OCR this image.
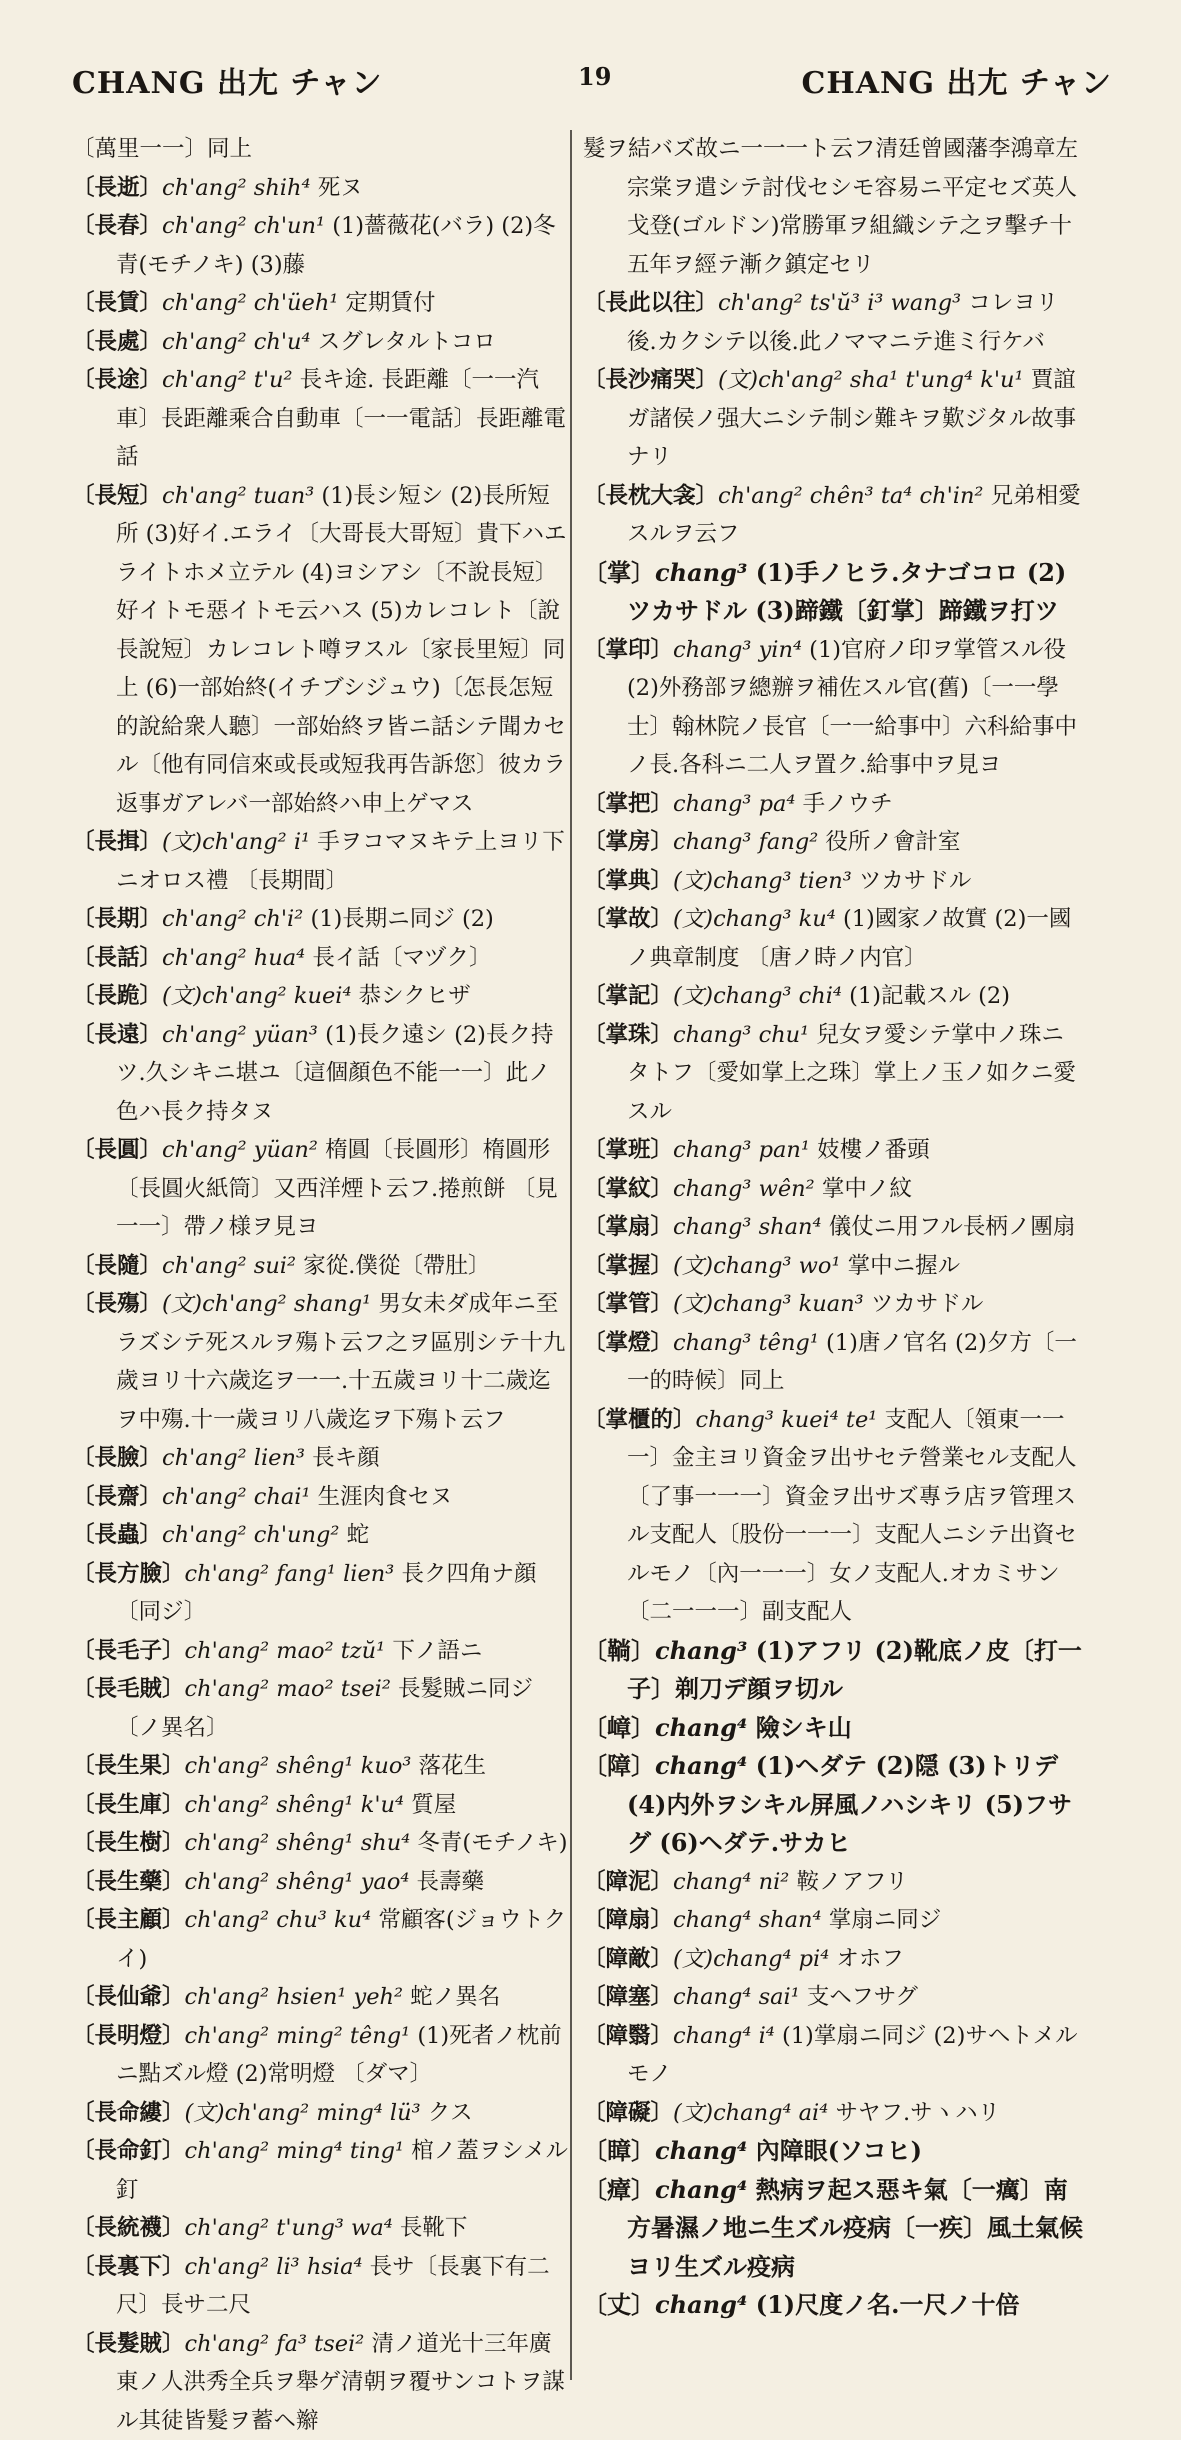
CHANG 出尢 チャン	19	CHANG 出尢 チャン
〔萬里一一〕同上
〔長逝〕ch'ang² shih⁴ 死ヌ
〔長春〕ch'ang² ch'un¹ (1)薔薇花(バラ) (2)冬青(モチノキ) (3)藤
〔長賃〕ch'ang² ch'üeh¹ 定期賃付
〔長處〕ch'ang² ch'u⁴ スグレタルトコロ
〔長途〕ch'ang² t'u² 長キ途. 長距離〔一一汽車〕長距離乘合自動車〔一一電話〕長距離電話
〔長短〕ch'ang² tuan³ (1)長シ短シ (2)長所短所 (3)好イ.エライ〔大哥長大哥短〕貴下ハエライトホメ立テル (4)ヨシアシ〔不說長短〕好イトモ惡イトモ云ハス (5)カレコレト〔說長說短〕カレコレト噂ヲスル〔家長里短〕同上 (6)一部始終(イチブシジュウ)〔怎長怎短的說給衆人聽〕一部始終ヲ皆ニ話シテ聞カセル〔他有同信來或長或短我再告訴您〕彼カラ返事ガアレバ一部始終ハ申上ゲマス
〔長揖〕(文)ch'ang² i¹ 手ヲコマヌキテ上ヨリ下ニオロス禮 〔長期間〕
〔長期〕ch'ang² ch'i² (1)長期ニ同ジ (2)
〔長話〕ch'ang² hua⁴ 長イ話〔マヅク〕
〔長跪〕(文)ch'ang² kuei⁴ 恭シクヒザ
〔長遠〕ch'ang² yüan³ (1)長ク遠シ (2)長ク持ツ.久シキニ堪ユ〔這個顏色不能一一〕此ノ色ハ長ク持タヌ
〔長圓〕ch'ang² yüan² 楕圓〔長圓形〕楕圓形〔長圓火紙筒〕又西洋煙ト云フ.捲煎餅 〔見一一〕帶ノ様ヲ見ヨ
〔長隨〕ch'ang² sui² 家從.僕從〔帶肚〕
〔長殤〕(文)ch'ang² shang¹ 男女未ダ成年ニ至ラズシテ死スルヲ殤ト云フ之ヲ區別シテ十九歲ヨリ十六歲迄ヲ一一.十五歲ヨリ十二歲迄ヲ中殤.十一歲ヨリ八歲迄ヲ下殤ト云フ
〔長臉〕ch'ang² lien³ 長キ顔
〔長齋〕ch'ang² chai¹ 生涯肉食セヌ
〔長蟲〕ch'ang² ch'ung² 蛇
〔長方臉〕ch'ang² fang¹ lien³ 長ク四角ナ顔 〔同ジ〕
〔長毛子〕ch'ang² mao² tzŭ¹ 下ノ語ニ
〔長毛賊〕ch'ang² mao² tsei² 長髮賊ニ同ジ 〔ノ異名〕
〔長生果〕ch'ang² shêng¹ kuo³ 落花生
〔長生庫〕ch'ang² shêng¹ k'u⁴ 質屋
〔長生樹〕ch'ang² shêng¹ shu⁴ 冬青(モチノキ)
〔長生藥〕ch'ang² shêng¹ yao⁴ 長壽藥
〔長主顧〕ch'ang² chu³ ku⁴ 常顧客(ジョウトクイ)
〔長仙爺〕ch'ang² hsien¹ yeh² 蛇ノ異名
〔長明燈〕ch'ang² ming² têng¹ (1)死者ノ枕前ニ點ズル燈 (2)常明燈 〔ダマ〕
〔長命縷〕(文)ch'ang² ming⁴ lü³ クス
〔長命釘〕ch'ang² ming⁴ ting¹ 棺ノ蓋ヲシメル釘
〔長統襪〕ch'ang² t'ung³ wa⁴ 長靴下
〔長裏下〕ch'ang² li³ hsia⁴ 長サ〔長裏下有二尺〕長サ二尺
〔長髮賊〕ch'ang² fa³ tsei² 清ノ道光十三年廣東ノ人洪秀全兵ヲ舉ゲ清朝ヲ覆サンコトヲ謀ル其徒皆髮ヲ蓄ヘ辮
髮ヲ結バズ故ニ一一一ト云フ清廷曾國藩李鴻章左宗棠ヲ遣シテ討伐セシモ容易ニ平定セズ英人戈登(ゴルドン)常勝軍ヲ組織シテ之ヲ擊チ十五年ヲ經テ漸ク鎮定セリ
〔長此以往〕ch'ang² ts'ŭ³ i³ wang³ コレヨリ後.カクシテ以後.此ノママニテ進ミ行ケバ
〔長沙痛哭〕(文)ch'ang² sha¹ t'ung⁴ k'u¹ 賈誼ガ諸侯ノ强大ニシテ制シ難キヲ歎ジタル故事ナリ
〔長枕大衾〕ch'ang² chên³ ta⁴ ch'in² 兄弟相愛スルヲ云フ
〔掌〕chang³ (1)手ノヒラ.タナゴコロ (2)ツカサドル (3)蹄鐵〔釘掌〕蹄鐵ヲ打ツ
〔掌印〕chang³ yin⁴ (1)官府ノ印ヲ掌管スル役 (2)外務部ヲ總辦ヲ補佐スル官(舊)〔一一學士〕翰林院ノ長官〔一一給事中〕六科給事中ノ長.各科ニ二人ヲ置ク.給事中ヲ見ヨ
〔掌把〕chang³ pa⁴ 手ノウチ
〔掌房〕chang³ fang² 役所ノ會計室
〔掌典〕(文)chang³ tien³ ツカサドル
〔掌故〕(文)chang³ ku⁴ (1)國家ノ故實 (2)一國ノ典章制度 〔唐ノ時ノ内官〕
〔掌記〕(文)chang³ chi⁴ (1)記載スル (2)
〔掌珠〕chang³ chu¹ 兒女ヲ愛シテ掌中ノ珠ニタトフ〔愛如掌上之珠〕掌上ノ玉ノ如クニ愛スル
〔掌班〕chang³ pan¹ 妓樓ノ番頭
〔掌紋〕chang³ wên² 掌中ノ紋
〔掌扇〕chang³ shan⁴ 儀仗ニ用フル長柄ノ團扇
〔掌握〕(文)chang³ wo¹ 掌中ニ握ル
〔掌管〕(文)chang³ kuan³ ツカサドル
〔掌燈〕chang³ têng¹ (1)唐ノ官名 (2)夕方〔一一的時候〕同上
〔掌櫃的〕chang³ kuei⁴ te¹ 支配人〔領東一一一〕金主ヨリ資金ヲ出サセテ營業セル支配人〔了事一一一〕資金ヲ出サズ專ラ店ヲ管理スル支配人〔股份一一一〕支配人ニシテ出資セルモノ〔內一一一〕女ノ支配人.オカミサン〔二一一一〕副支配人
〔鞝〕chang³ (1)アフリ (2)靴底ノ皮〔打一子〕剃刀デ顔ヲ切ル
〔嶂〕chang⁴ 險シキ山
〔障〕chang⁴ (1)ヘダテ (2)隠 (3)トリデ (4)内外ヲシキル屏風ノハシキリ (5)フサグ (6)ヘダテ.サカヒ
〔障泥〕chang⁴ ni² 鞍ノアフリ
〔障扇〕chang⁴ shan⁴ 掌扇ニ同ジ
〔障敵〕(文)chang⁴ pi⁴ オホフ
〔障塞〕chang⁴ sai¹ 支ヘフサグ
〔障翳〕chang⁴ i⁴ (1)掌扇ニ同ジ (2)サヘトメルモノ
〔障礙〕(文)chang⁴ ai⁴ サヤフ.サヽハリ
〔瞕〕chang⁴ 內障眼(ソコヒ)
〔瘴〕chang⁴ 熱病ヲ起ス惡キ氣〔一癘〕南方暑濕ノ地ニ生ズル疫病〔一疾〕風土氣候ヨリ生ズル疫病
〔丈〕chang⁴ (1)尺度ノ名.一尺ノ十倍
